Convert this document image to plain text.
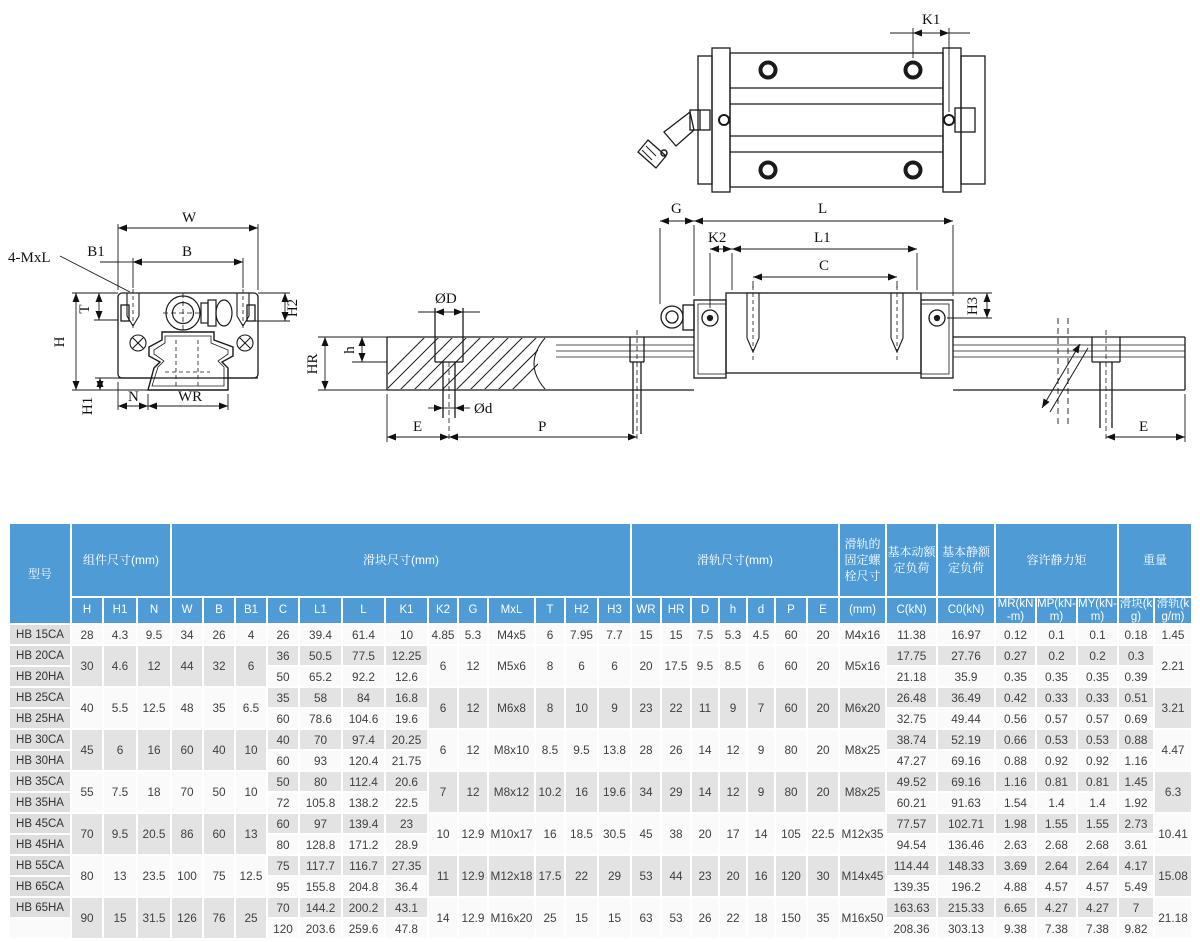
K1
4-MxL
W
B
B1
T
H
H1
H2
N	WR
ØD
h
HR
Ød
E	P
G	L
K2	L1
C
H3
E
型号	组件尺寸(mm)			滑块尺寸(mm)													滑轨尺寸(mm)							滑轨的固定螺栓尺寸	基本动额定负荷	基本静额定负荷	容许静力矩			重量	
	H	H1	N	W	B	B1	C	L1	L	K1	K2	G	MxL	T	H2	H3	WR	HR	D	h	d	P	E	(mm)	C(kN)	C0(kN)	MR(kN-m)	MP(kN-m)	MY(kN-m)	滑块(kg)	滑轨(kg/m)
HB 15CA	28	4.3	9.5	34	26	4	26	39.4	61.4	10	4.85	5.3	M4x5	6	7.95	7.7	15	15	7.5	5.3	4.5	60	20	M4x16	11.38	16.97	0.12	0.1	0.1	0.18	1.45
HB 20CA	30	4.6	12	44	32	6	36	50.5	77.5	12.25	6	12	M5x6	8	6	6	20	17.5	9.5	8.5	6	60	20	M5x16	17.75	27.76	0.27	0.2	0.2	0.3	2.21
HB 20HA							50	65.2	92.2	12.6															21.18	35.9	0.35	0.35	0.35	0.39	
HB 25CA	40	5.5	12.5	48	35	6.5	35	58	84	16.8	6	12	M6x8	8	10	9	23	22	11	9	7	60	20	M6x20	26.48	36.49	0.42	0.33	0.33	0.51	3.21
HB 25HA							60	78.6	104.6	19.6															32.75	49.44	0.56	0.57	0.57	0.69	
HB 30CA	45	6	16	60	40	10	40	70	97.4	20.25	6	12	M8x10	8.5	9.5	13.8	28	26	14	12	9	80	20	M8x25	38.74	52.19	0.66	0.53	0.53	0.88	4.47
HB 30HA							60	93	120.4	21.75															47.27	69.16	0.88	0.92	0.92	1.16	
HB 35CA	55	7.5	18	70	50	10	50	80	112.4	20.6	7	12	M8x12	10.2	16	19.6	34	29	14	12	9	80	20	M8x25	49.52	69.16	1.16	0.81	0.81	1.45	6.3
HB 35HA							72	105.8	138.2	22.5															60.21	91.63	1.54	1.4	1.4	1.92	
HB 45CA	70	9.5	20.5	86	60	13	60	97	139.4	23	10	12.9	M10x17	16	18.5	30.5	45	38	20	17	14	105	22.5	M12x35	77.57	102.71	1.98	1.55	1.55	2.73	10.41
HB 45HA							80	128.8	171.2	28.9															94.54	136.46	2.63	2.68	2.68	3.61	
HB 55CA	80	13	23.5	100	75	12.5	75	117.7	116.7	27.35	11	12.9	M12x18	17.5	22	29	53	44	23	20	16	120	30	M14x45	114.44	148.33	3.69	2.64	2.64	4.17	15.08
HB 65CA							95	155.8	204.8	36.4															139.35	196.2	4.88	4.57	4.57	5.49	
HB 65HA	90	15	31.5	126	76	25	70	144.2	200.2	43.1	14	12.9	M16x20	25	15	15	63	53	26	22	18	150	35	M16x50	163.63	215.33	6.65	4.27	4.27	7	21.18
							120	203.6	259.6	47.8															208.36	303.13	9.38	7.38	7.38	9.82	
